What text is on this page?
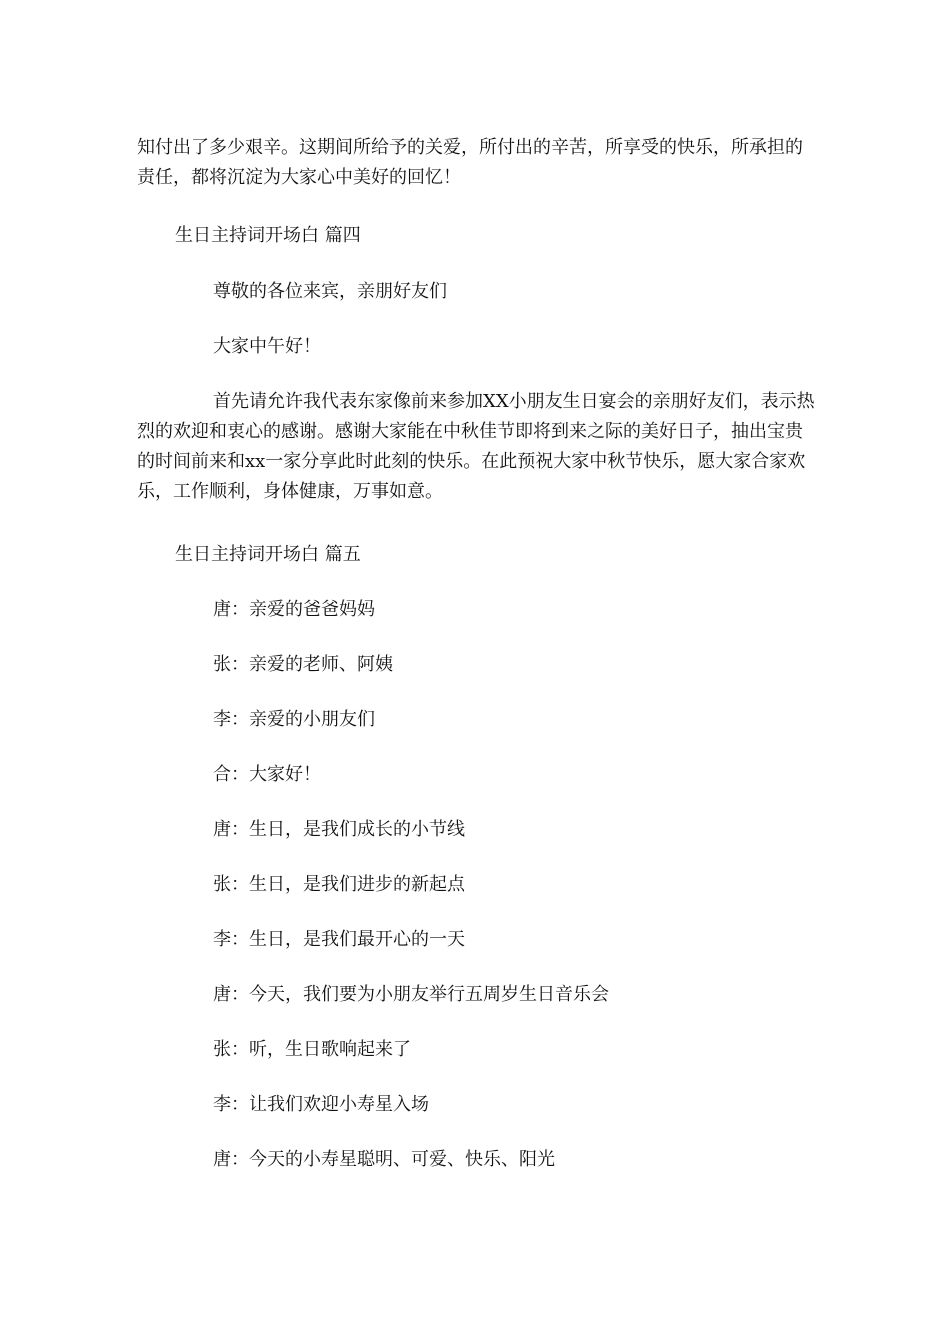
知付出了多少艰辛。这期间所给予的关爱，所付出的辛苦，所享受的快乐，所承担的责任，都将沉淀为大家心中美好的回忆！

生日主持词开场白 篇四

尊敬的各位来宾，亲朋好友们

大家中午好！

首先请允许我代表东家像前来参加XX小朋友生日宴会的亲朋好友们，表示热烈的欢迎和衷心的感谢。感谢大家能在中秋佳节即将到来之际的美好日子，抽出宝贵的时间前来和xx一家分享此时此刻的快乐。在此预祝大家中秋节快乐，愿大家合家欢乐，工作顺利，身体健康，万事如意。

生日主持词开场白 篇五

唐：亲爱的爸爸妈妈

张：亲爱的老师、阿姨

李：亲爱的小朋友们

合：大家好！

唐：生日，是我们成长的小节线

张：生日，是我们进步的新起点

李：生日，是我们最开心的一天

唐：今天，我们要为小朋友举行五周岁生日音乐会

张：听，生日歌响起来了

李：让我们欢迎小寿星入场

唐：今天的小寿星聪明、可爱、快乐、阳光
